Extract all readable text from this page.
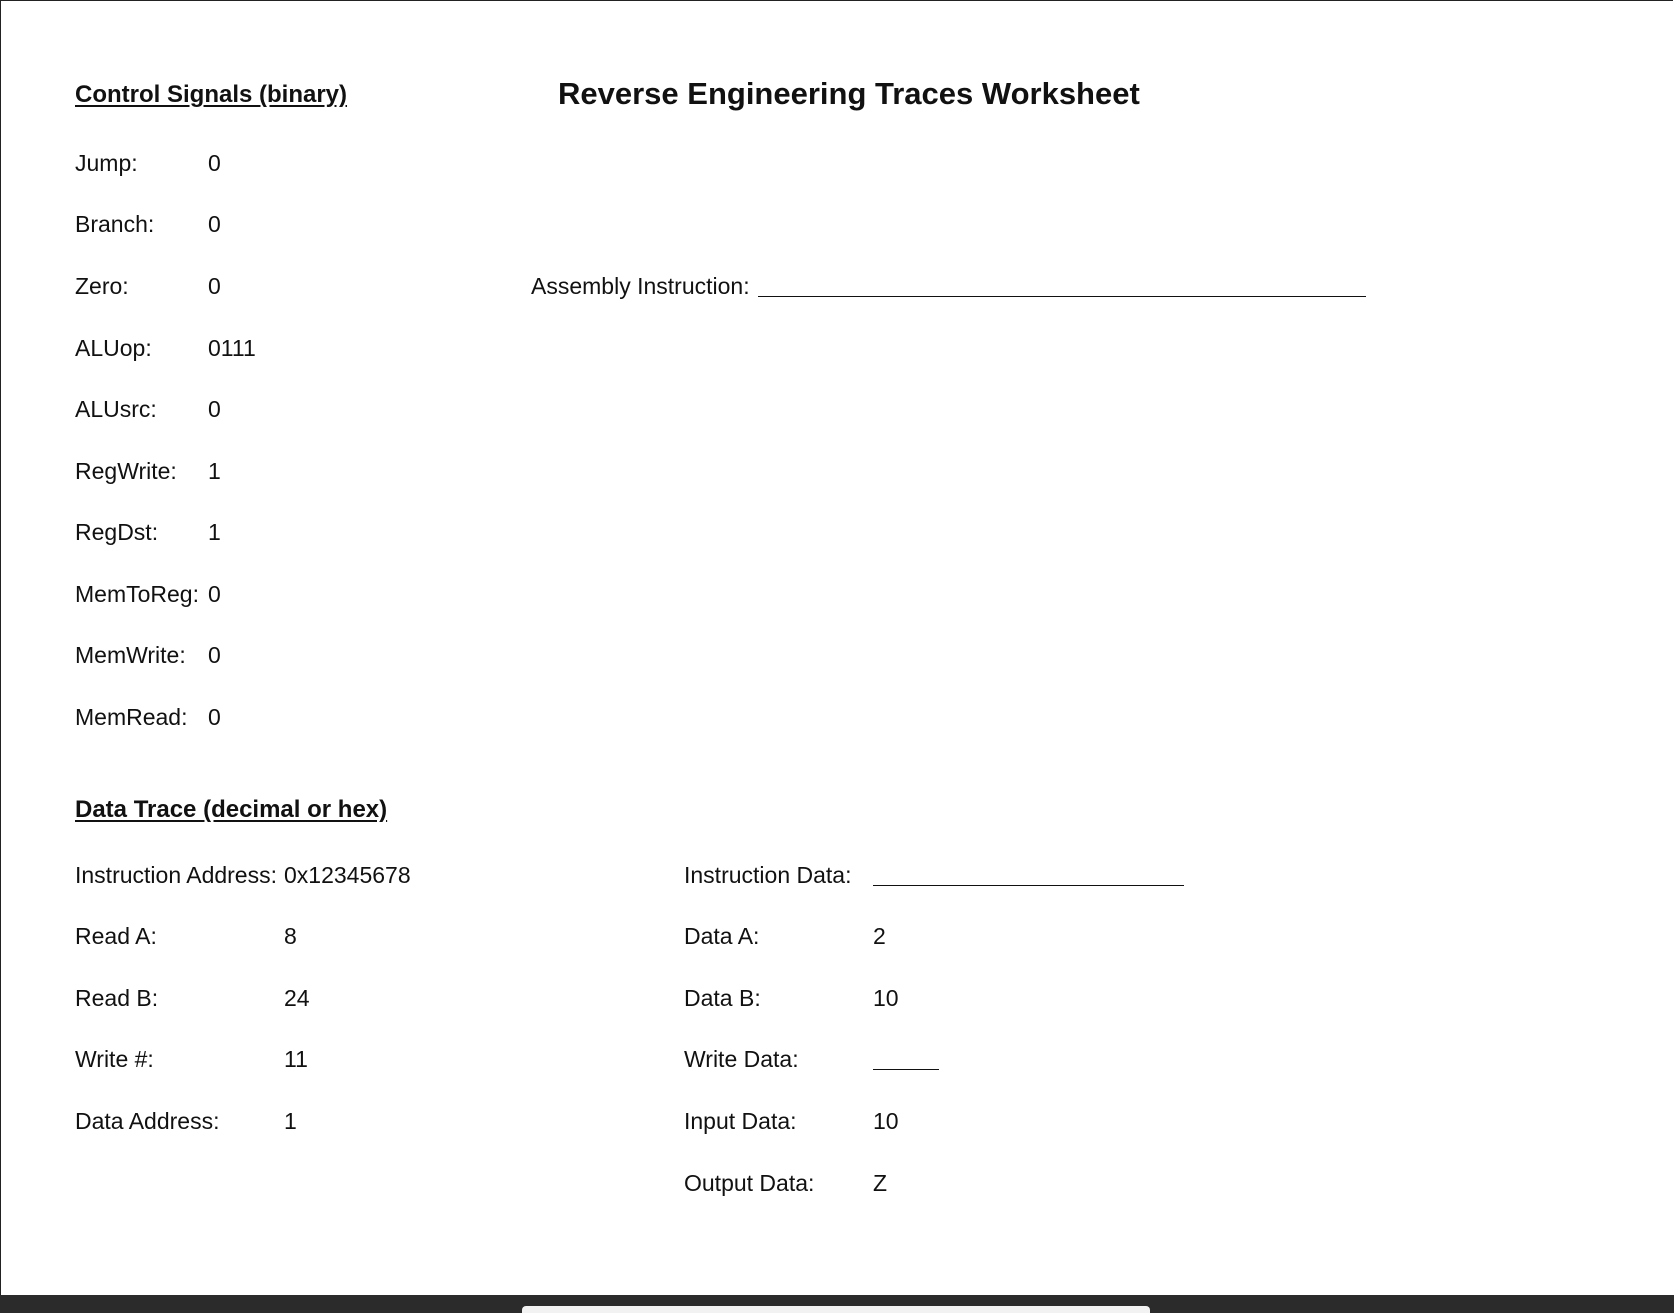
Reverse Engineering Traces Worksheet
Control Signals (binary)
Jump:	0
Branch: 0
Zero:	0
ALUop: 0111
ALUsrc: 0
RegWrite: 1
RegDst: 1
MemToReg: 0
MemWrite: 0
MemRead: 0
Assembly Instruction:
Data Trace (decimal or hex)
Instruction Address: 0x12345678
Read A:	8
Read B:	24
Write #:	11
Data Address:	1
Instruction Data:
Data A:	2
Data B:	10
Write Data:
Input Data:	10
Output Data:	Z
